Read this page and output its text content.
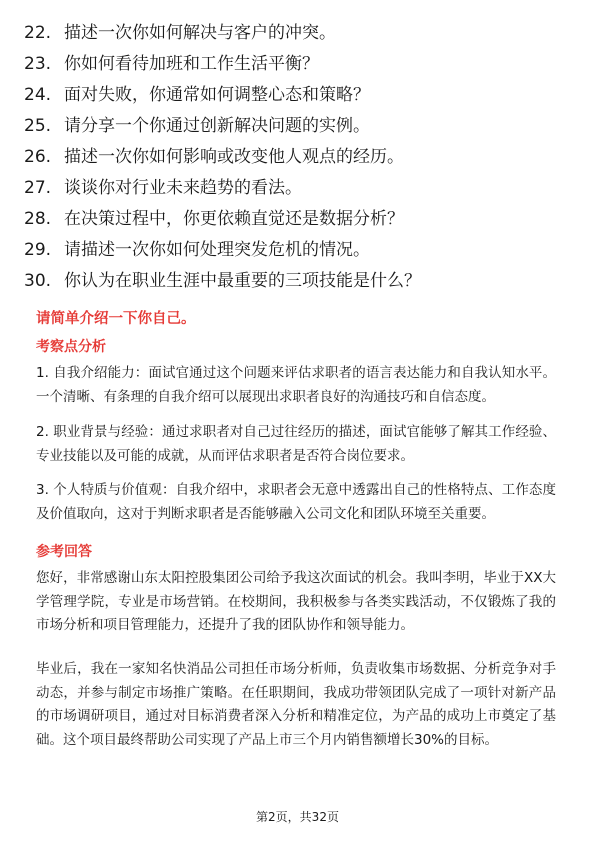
22. 描述一次你如何解决与客户的冲突。
23. 你如何看待加班和工作生活平衡？
24. 面对失败，你通常如何调整心态和策略？
25. 请分享一个你通过创新解决问题的实例。
26. 描述一次你如何影响或改变他人观点的经历。
27. 谈谈你对行业未来趋势的看法。
28. 在决策过程中，你更依赖直觉还是数据分析？
29. 请描述一次你如何处理突发危机的情况。
30. 你认为在职业生涯中最重要的三项技能是什么？
请简单介绍一下你自己。
考察点分析
1. 自我介绍能力：面试官通过这个问题来评估求职者的语言表达能力和自我认知水平。一个清晰、有条理的自我介绍可以展现出求职者良好的沟通技巧和自信态度。
2. 职业背景与经验：通过求职者对自己过往经历的描述，面试官能够了解其工作经验、专业技能以及可能的成就，从而评估求职者是否符合岗位要求。
3. 个人特质与价值观：自我介绍中，求职者会无意中透露出自己的性格特点、工作态度及价值取向，这对于判断求职者是否能够融入公司文化和团队环境至关重要。
参考回答
您好，非常感谢山东太阳控股集团公司给予我这次面试的机会。我叫李明，毕业于XX大学管理学院，专业是市场营销。在校期间，我积极参与各类实践活动，不仅锻炼了我的市场分析和项目管理能力，还提升了我的团队协作和领导能力。
毕业后，我在一家知名快消品公司担任市场分析师，负责收集市场数据、分析竞争对手动态，并参与制定市场推广策略。在任职期间，我成功带领团队完成了一项针对新产品的市场调研项目，通过对目标消费者深入分析和精准定位，为产品的成功上市奠定了基础。这个项目最终帮助公司实现了产品上市三个月内销售额增长30%的目标。
第2页，共32页
